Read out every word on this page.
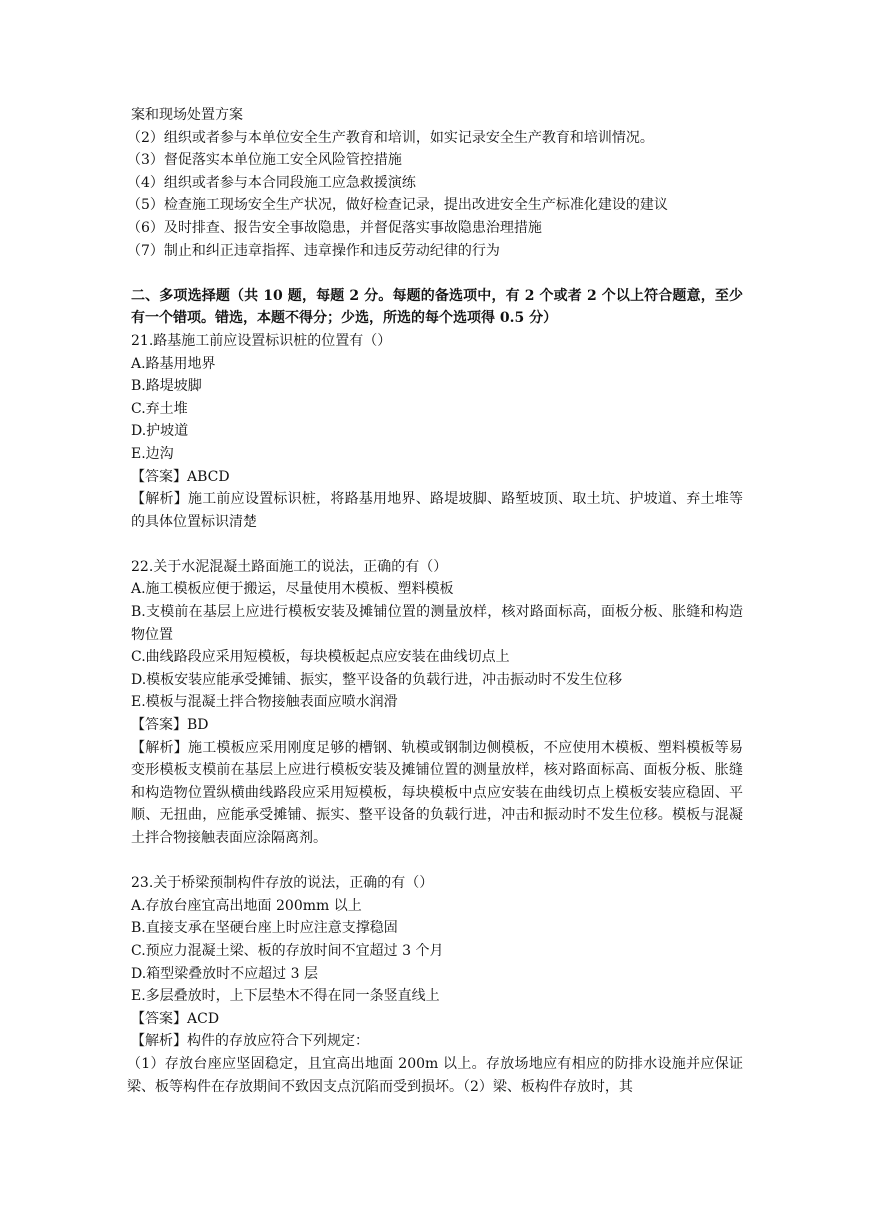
案和现场处置方案
（2）组织或者参与本单位安全生产教育和培训，如实记录安全生产教育和培训情况。
（3）督促落实本单位施工安全风险管控措施
（4）组织或者参与本合同段施工应急救援演练
（5）检查施工现场安全生产状况，做好检查记录，提出改进安全生产标准化建设的建议
（6）及时排查、报告安全事故隐患，并督促落实事故隐患治理措施
（7）制止和纠正违章指挥、违章操作和违反劳动纪律的行为
二、多项选择题（共 10 题，每题 2 分。每题的备选项中，有 2 个或者 2 个以上符合题意，至少有一个错项。错选，本题不得分；少选，所选的每个选项得 0.5 分）
21.路基施工前应设置标识桩的位置有（）
A.路基用地界
B.路堤坡脚
C.弃土堆
D.护坡道
E.边沟
【答案】ABCD
【解析】施工前应设置标识桩，将路基用地界、路堤坡脚、路堑坡顶、取土坑、护坡道、弃土堆等的具体位置标识清楚
22.关于水泥混凝土路面施工的说法，正确的有（）
A.施工模板应便于搬运，尽量使用木模板、塑料模板
B.支模前在基层上应进行模板安装及摊铺位置的测量放样，核对路面标高，面板分板、胀缝和构造物位置
C.曲线路段应采用短模板，每块模板起点应安装在曲线切点上
D.模板安装应能承受摊铺、振实，整平设备的负载行进，冲击振动时不发生位移
E.模板与混凝土拌合物接触表面应喷水润滑
【答案】BD
【解析】施工模板应采用刚度足够的槽钢、轨模或钢制边侧模板，不应使用木模板、塑料模板等易变形模板支模前在基层上应进行模板安装及摊铺位置的测量放样，核对路面标高、面板分板、胀缝和构造物位置纵横曲线路段应采用短模板，每块模板中点应安装在曲线切点上模板安装应稳固、平顺、无扭曲，应能承受摊铺、振实、整平设备的负载行进，冲击和振动时不发生位移。模板与混凝土拌合物接触表面应涂隔离剂。
23.关于桥梁预制构件存放的说法，正确的有（）
A.存放台座宜高出地面 200mm 以上
B.直接支承在坚硬台座上时应注意支撑稳固
C.预应力混凝土梁、板的存放时间不宜超过 3 个月
D.箱型梁叠放时不应超过 3 层
E.多层叠放时，上下层垫木不得在同一条竖直线上
【答案】ACD
【解析】构件的存放应符合下列规定：
（1）存放台座应坚固稳定，且宜高出地面 200m 以上。存放场地应有相应的防排水设施并应保证梁、板等构件在存放期间不致因支点沉陷而受到损坏。（2）梁、板构件存放时，其
